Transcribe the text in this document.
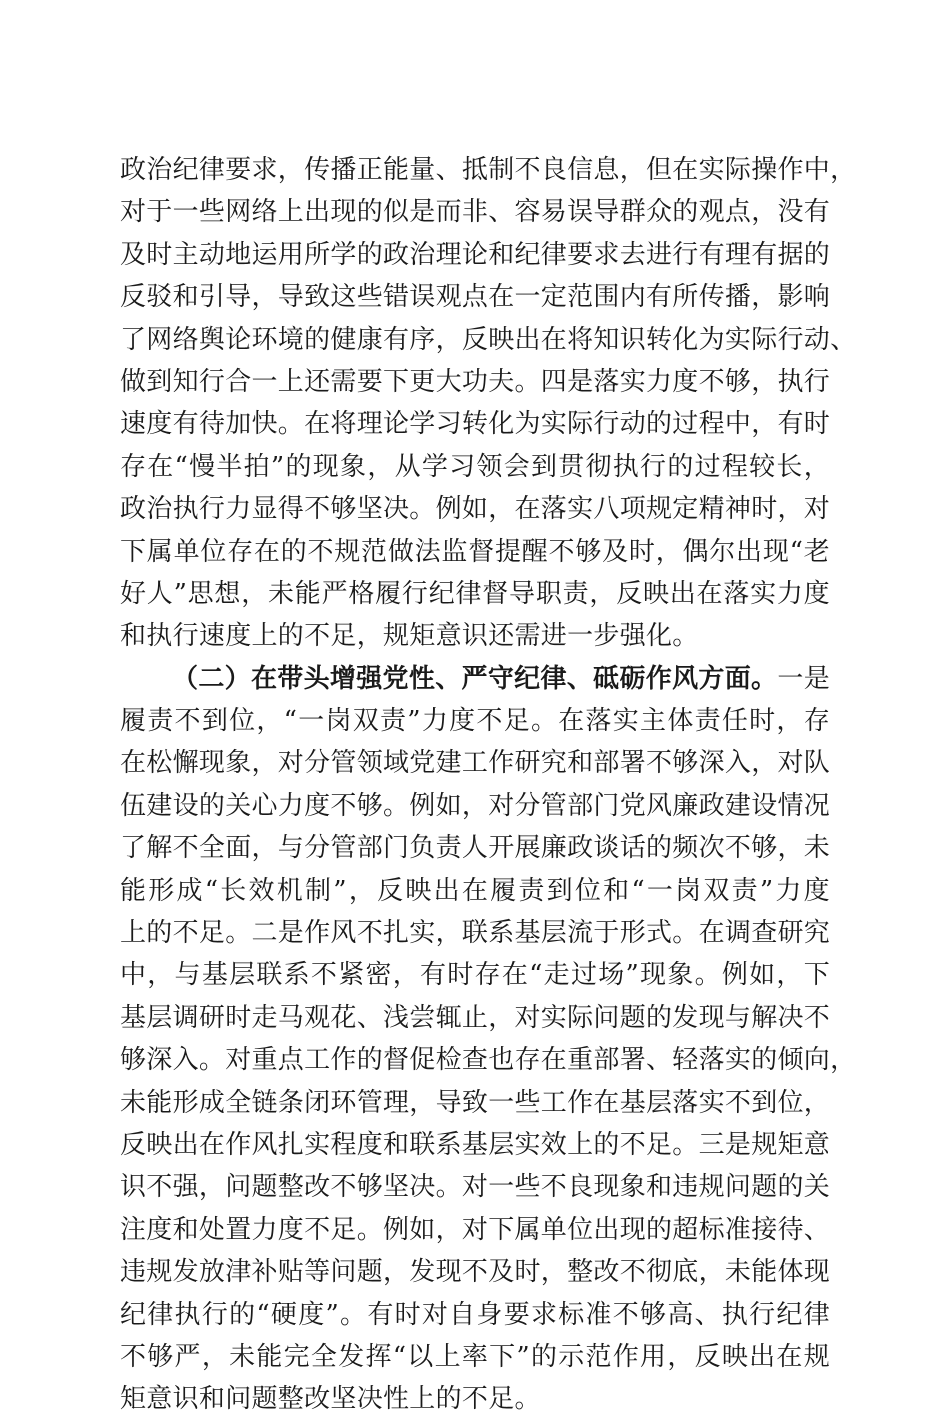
政治纪律要求，传播正能量、抵制不良信息，但在实际操作中，
对于一些网络上出现的似是而非、容易误导群众的观点，没有
及时主动地运用所学的政治理论和纪律要求去进行有理有据的
反驳和引导，导致这些错误观点在一定范围内有所传播，影响
了网络舆论环境的健康有序，反映出在将知识转化为实际行动、
做到知行合一上还需要下更大功夫。四是落实力度不够，执行
速度有待加快。在将理论学习转化为实际行动的过程中，有时
存在“慢半拍”的现象，从学习领会到贯彻执行的过程较长，
政治执行力显得不够坚决。例如，在落实八项规定精神时，对
下属单位存在的不规范做法监督提醒不够及时，偶尔出现“老
好人”思想，未能严格履行纪律督导职责，反映出在落实力度
和执行速度上的不足，规矩意识还需进一步强化。
（二）在带头增强党性、严守纪律、砥砺作风方面。一是
履责不到位，“一岗双责”力度不足。在落实主体责任时，存
在松懈现象，对分管领域党建工作研究和部署不够深入，对队
伍建设的关心力度不够。例如，对分管部门党风廉政建设情况
了解不全面，与分管部门负责人开展廉政谈话的频次不够，未
能形成“长效机制”，反映出在履责到位和“一岗双责”力度
上的不足。二是作风不扎实，联系基层流于形式。在调查研究
中，与基层联系不紧密，有时存在“走过场”现象。例如，下
基层调研时走马观花、浅尝辄止，对实际问题的发现与解决不
够深入。对重点工作的督促检查也存在重部署、轻落实的倾向，
未能形成全链条闭环管理，导致一些工作在基层落实不到位，
反映出在作风扎实程度和联系基层实效上的不足。三是规矩意
识不强，问题整改不够坚决。对一些不良现象和违规问题的关
注度和处置力度不足。例如，对下属单位出现的超标准接待、
违规发放津补贴等问题，发现不及时，整改不彻底，未能体现
纪律执行的“硬度”。有时对自身要求标准不够高、执行纪律
不够严，未能完全发挥“以上率下”的示范作用，反映出在规
矩意识和问题整改坚决性上的不足。
